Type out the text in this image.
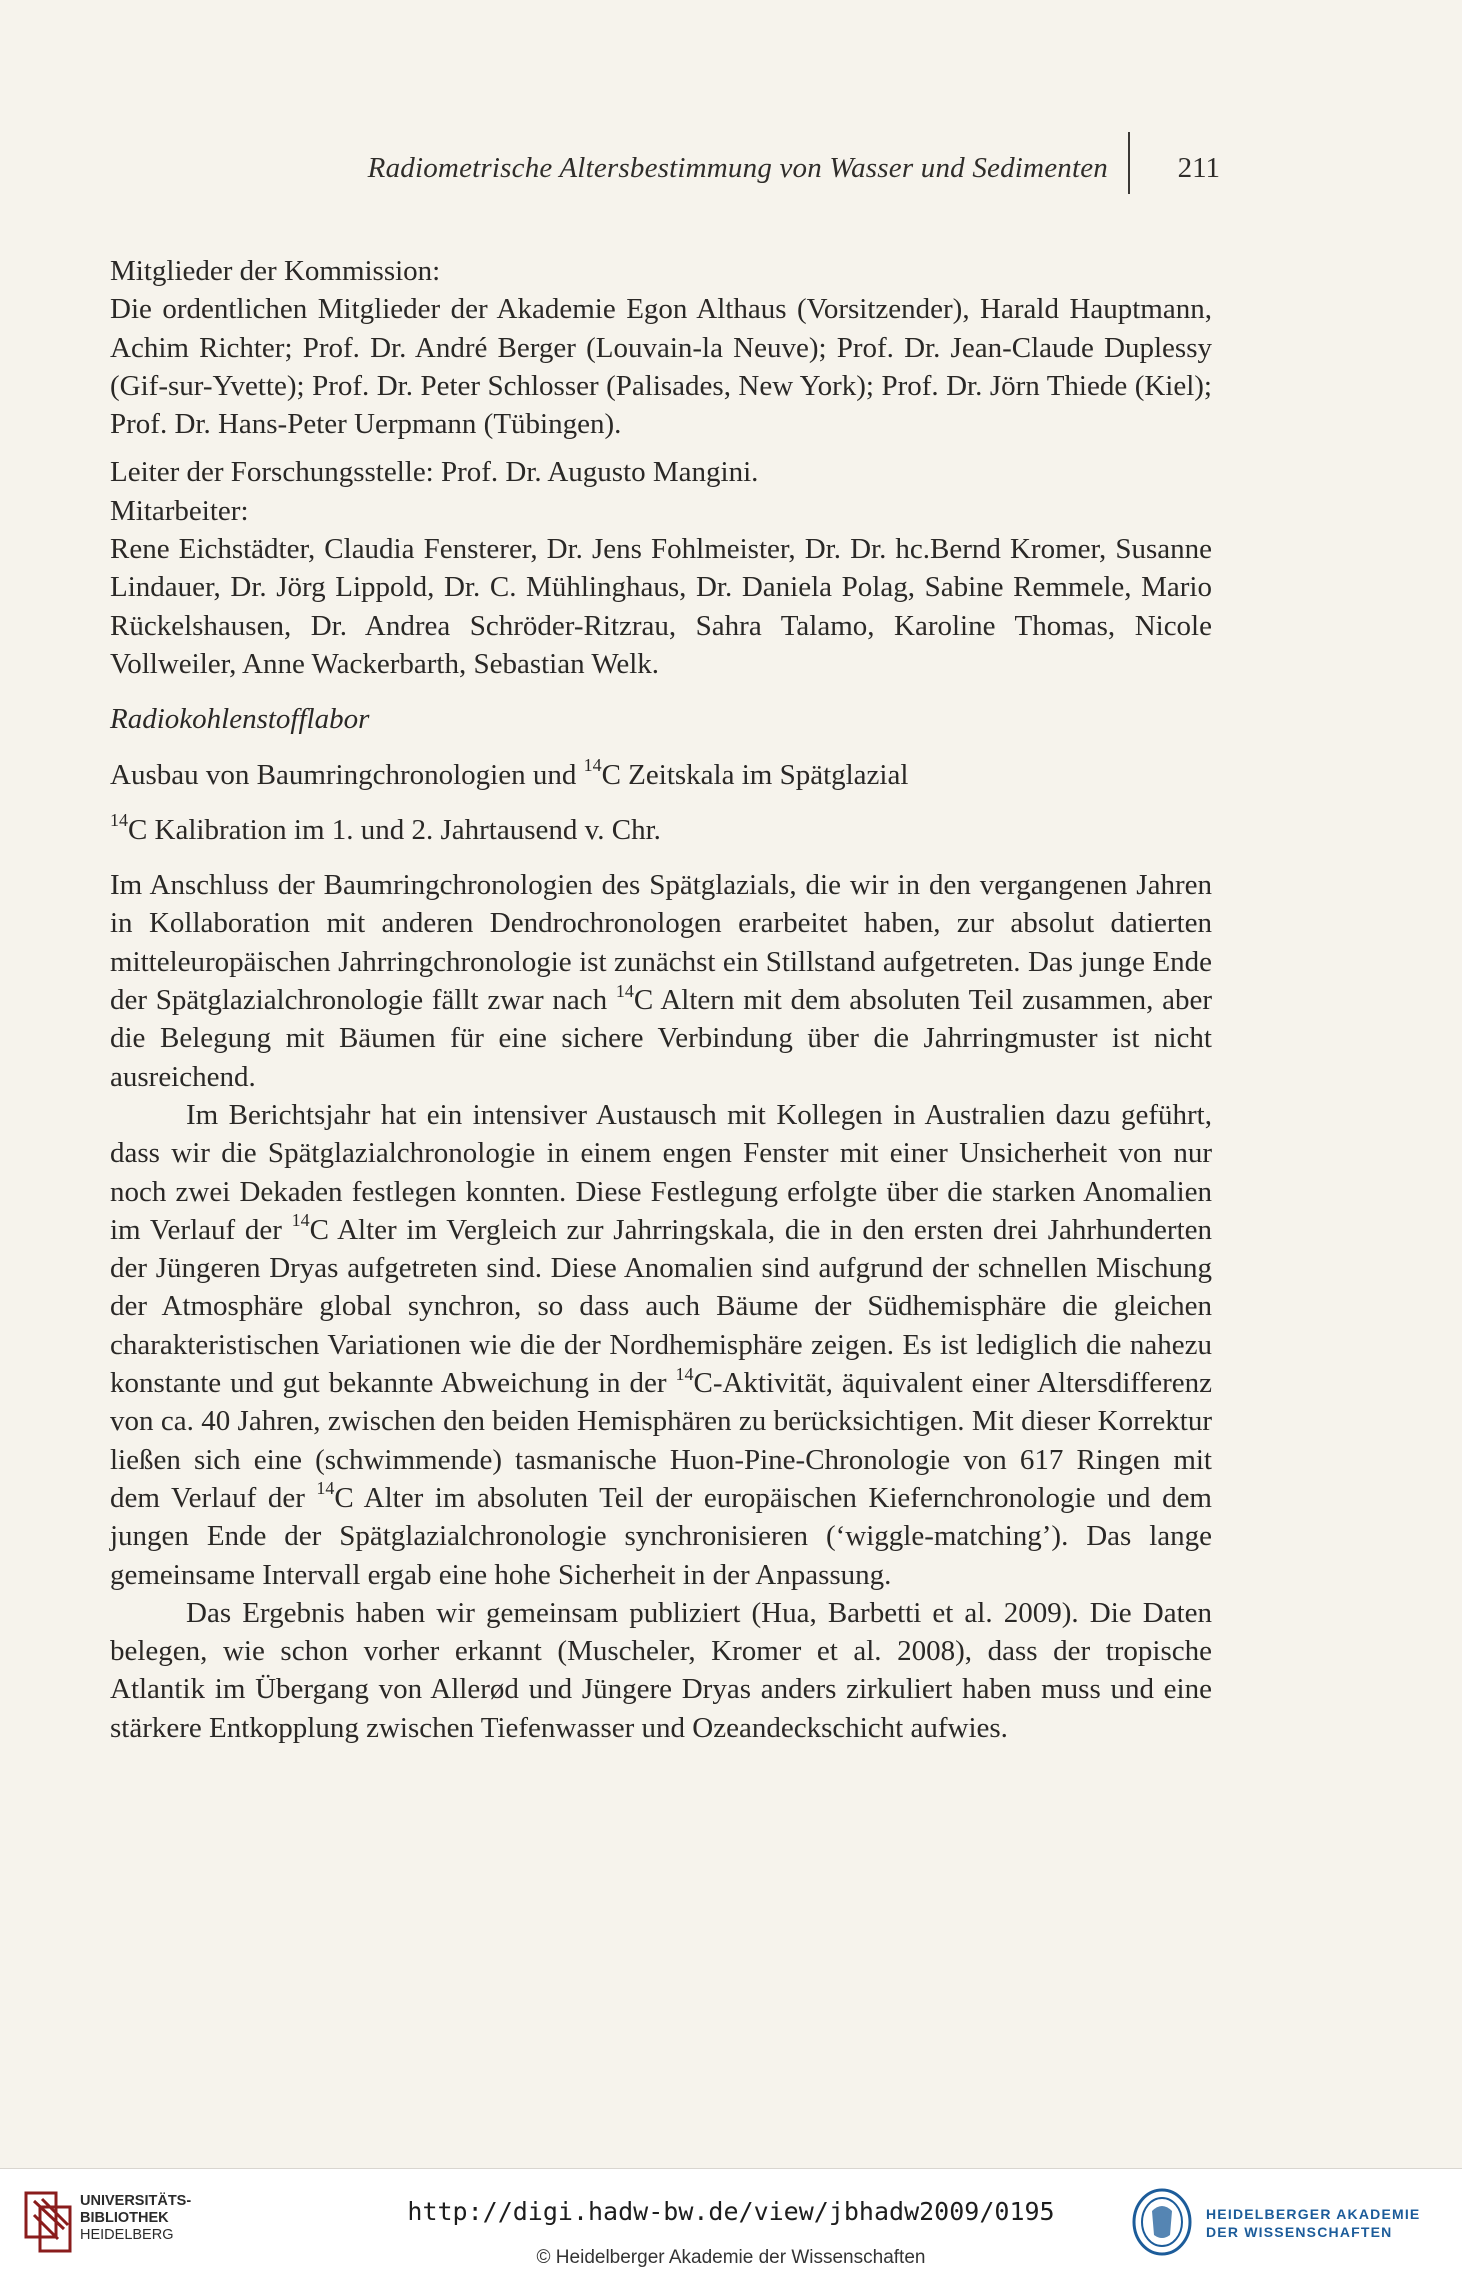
Radiometrische Altersbestimmung von Wasser und Sedimenten 211

Mitglieder der Kommission:

Die ordentlichen Mitglieder der Akademie Egon Althaus (Vorsitzender), Harald Hauptmann, Achim Richter; Prof. Dr. André Berger (Louvain-la Neuve); Prof. Dr. Jean-Claude Duplessy (Gif-sur-Yvette); Prof. Dr. Peter Schlosser (Palisades, New York); Prof. Dr. Jörn Thiede (Kiel); Prof. Dr. Hans-Peter Uerpmann (Tübingen).

Leiter der Forschungsstelle: Prof. Dr. Augusto Mangini.

Mitarbeiter:

Rene Eichstädter, Claudia Fensterer, Dr. Jens Fohlmeister, Dr. Dr. hc.Bernd Kromer, Susanne Lindauer, Dr. Jörg Lippold, Dr. C. Mühlinghaus, Dr. Daniela Polag, Sabine Remmele, Mario Rückelshausen, Dr. Andrea Schröder-Ritzrau, Sahra Talamo, Karoline Thomas, Nicole Vollweiler, Anne Wackerbarth, Sebastian Welk.

Radiokohlenstofflabor

Ausbau von Baumringchronologien und $^{14}$C Zeitskala im Spätglazial

$^{14}$C Kalibration im 1. und 2. Jahrtausend v. Chr.

Im Anschluss der Baumringchronologien des Spätglazials, die wir in den vergangenen Jahren in Kollaboration mit anderen Dendrochronologen erarbeitet haben, zur absolut datierten mitteleuropäischen Jahrringchronologie ist zunächst ein Stillstand aufgetreten. Das junge Ende der Spätglazialchronologie fällt zwar nach $^{14}$C Altern mit dem absoluten Teil zusammen, aber die Belegung mit Bäumen für eine sichere Verbindung über die Jahrringmuster ist nicht ausreichend.

Im Berichtsjahr hat ein intensiver Austausch mit Kollegen in Australien dazu geführt, dass wir die Spätglazialchronologie in einem engen Fenster mit einer Unsicherheit von nur noch zwei Dekaden festlegen konnten. Diese Festlegung erfolgte über die starken Anomalien im Verlauf der $^{14}$C Alter im Vergleich zur Jahrringskala, die in den ersten drei Jahrhunderten der Jüngeren Dryas aufgetreten sind. Diese Anomalien sind aufgrund der schnellen Mischung der Atmosphäre global synchron, so dass auch Bäume der Südhemisphäre die gleichen charakteristischen Variationen wie die der Nordhemisphäre zeigen. Es ist lediglich die nahezu konstante und gut bekannte Abweichung in der $^{14}$C-Aktivität, äquivalent einer Altersdifferenz von ca. 40 Jahren, zwischen den beiden Hemisphären zu berücksichtigen. Mit dieser Korrektur ließen sich eine (schwimmende) tasmanische Huon-Pine-Chronologie von 617 Ringen mit dem Verlauf der $^{14}$C Alter im absoluten Teil der europäischen Kiefernchronologie und dem jungen Ende der Spätglazialchronologie synchronisieren (‘wiggle-matching’). Das lange gemeinsame Intervall ergab eine hohe Sicherheit in der Anpassung.

Das Ergebnis haben wir gemeinsam publiziert (Hua, Barbetti et al. 2009). Die Daten belegen, wie schon vorher erkannt (Muscheler, Kromer et al. 2008), dass der tropische Atlantik im Übergang von Allerød und Jüngere Dryas anders zirkuliert haben muss und eine stärkere Entkopplung zwischen Tiefenwasser und Ozeandeckschicht aufwies.

UNIVERSITÄTS-
BIBLIOTHEK
HEIDELBERG
http://digi.hadw-bw.de/view/jbhadw2009/0195
© Heidelberger Akademie der Wissenschaften
HEIDELBERGER AKADEMIE
DER WISSENSCHAFTEN
